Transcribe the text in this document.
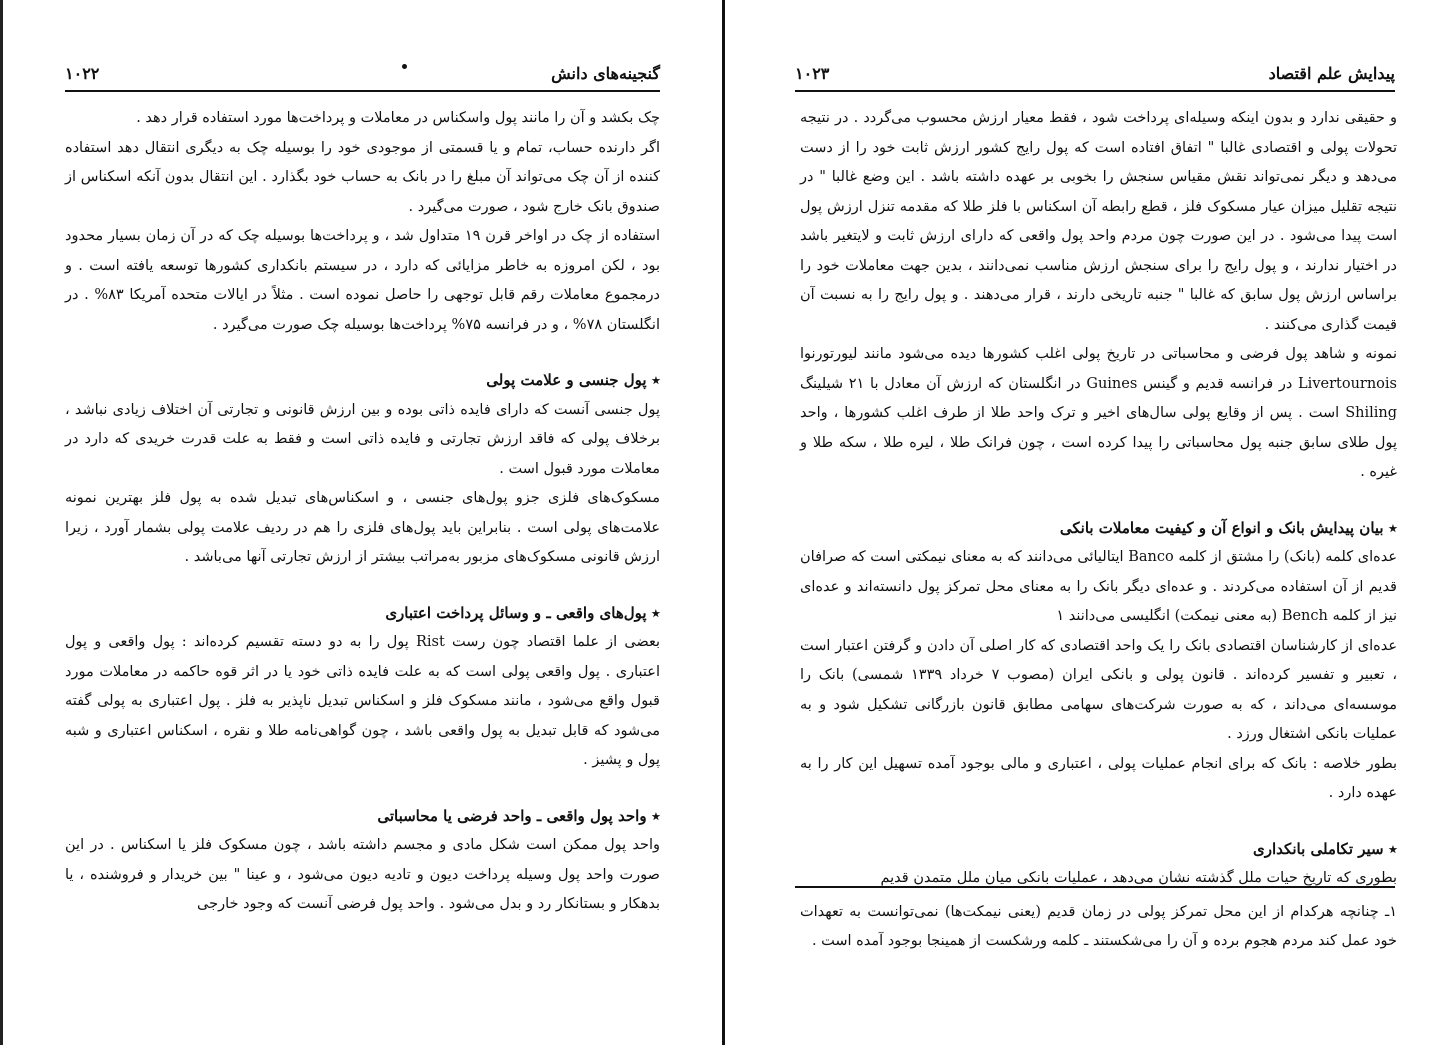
گنجینه‌های دانش
۱۰۲۲

چک بکشد و آن را مانند پول واسکناس در معاملات و پرداخت‌ها مورد استفاده قرار دهد .

اگر دارنده حساب، تمام و یا قسمتی از موجودی خود را بوسیله چک به دیگری انتقال دهد استفاده کننده از آن چک می‌تواند آن مبلغ را در بانک به حساب خود بگذارد . این انتقال بدون آنکه اسکناس از صندوق بانک خارج شود ، صورت می‌گیرد .

استفاده از چک در اواخر قرن ۱۹ متداول شد ، و پرداخت‌ها بوسیله چک که در آن زمان بسیار محدود بود ، لکن امروزه به خاطر مزایائی که دارد ، در سیستم بانکداری کشورها توسعه یافته است . و درمجموع معاملات رقم قابل توجهی را حاصل نموده است . مثلاً در ایالات متحده آمریکا ۸۳% . در انگلستان ۷۸% ، و در فرانسه ۷۵% پرداخت‌ها بوسیله چک صورت می‌گیرد .

٭ پول جنسی و علامت پولی

پول جنسی آنست که دارای فایده ذاتی بوده و بین ارزش قانونی و تجارتی آن اختلاف زیادی نباشد ، برخلاف پولی که فاقد ارزش تجارتی و فایده ذاتی است و فقط به علت قدرت خریدی که دارد در معاملات مورد قبول است .

مسکوک‌های فلزی جزو پول‌های جنسی ، و اسکناس‌های تبدیل شده به پول فلز بهترین نمونه علامت‌های پولی است . بنابراین باید پول‌های فلزی را هم در ردیف علامت پولی بشمار آورد ، زیرا ارزش قانونی مسکوک‌های مزبور به‌مراتب بیشتر از ارزش تجارتی آنها می‌باشد .

٭ پول‌های واقعی ـ و وسائل پرداخت اعتباری

بعضی از علما اقتصاد چون رست Rist پول را به دو دسته تقسیم کرده‌اند : پول واقعی و پول اعتباری . پول واقعی پولی است که به علت فایده ذاتی خود یا در اثر قوه حاکمه در معاملات مورد قبول واقع می‌شود ، مانند مسکوک فلز و اسکناس تبدیل ناپذیر به فلز . پول اعتباری به پولی گفته می‌شود که قابل تبدیل به پول واقعی باشد ، چون گواهی‌نامه طلا و نقره ، اسکناس اعتباری و شبه پول و پشیز .

٭ واحد پول واقعی ـ واحد فرضی یا محاسباتی

واحد پول ممکن است شکل مادی و مجسم داشته باشد ، چون مسکوک فلز یا اسکناس . در این صورت واحد پول وسیله پرداخت دیون و تادیه دیون می‌شود ، و عینا " بین خریدار و فروشنده ، یا بدهکار و بستانکار رد و بدل می‌شود . واحد پول فرضی آنست که وجود خارجی

پیدایش علم اقتصاد
۱۰۲۳

و حقیقی ندارد و بدون اینکه وسیله‌ای پرداخت شود ، فقط معیار ارزش محسوب می‌گردد . در نتیجه تحولات پولی و اقتصادی غالبا " اتفاق افتاده است که پول رایج کشور ارزش ثابت خود را از دست می‌دهد و دیگر نمی‌تواند نقش مقیاس سنجش را بخوبی بر عهده داشته باشد . این وضع غالبا " در نتیجه تقلیل میزان عیار مسکوک فلز ، قطع رابطه آن اسکناس با فلز طلا که مقدمه تنزل ارزش پول است پیدا می‌شود . در این صورت چون مردم واحد پول واقعی که دارای ارزش ثابت و لایتغیر باشد در اختیار ندارند ، و پول رایج را برای سنجش ارزش مناسب نمی‌دانند ، بدین جهت معاملات خود را براساس ارزش پول سابق که غالبا " جنبه تاریخی دارند ، قرار می‌دهند . و پول رایج را به نسبت آن قیمت گذاری می‌کنند .

نمونه و شاهد پول فرضی و محاسباتی در تاریخ پولی اغلب کشورها دیده می‌شود مانند لیورتورنوا Livertournois در فرانسه قدیم و گینس Guines در انگلستان که ارزش آن معادل با ۲۱ شیلینگ Shiling است . پس از وقایع پولی سال‌های اخیر و ترک واحد طلا از طرف اغلب کشورها ، واحد پول طلای سابق جنبه پول محاسباتی را پیدا کرده است ، چون فرانک طلا ، لیره طلا ، سکه طلا و غیره .

٭ بیان پیدایش بانک و انواع آن و کیفیت معاملات بانکی

عده‌ای کلمه (بانک) را مشتق از کلمه Banco ایتالیائی می‌دانند که به معنای نیمکتی است که صرافان قدیم از آن استفاده می‌کردند . و عده‌ای دیگر بانک را به معنای محل تمرکز پول دانسته‌اند و عده‌ای نیز از کلمه Bench (به معنی نیمکت) انگلیسی می‌دانند ۱

عده‌ای از کارشناسان اقتصادی بانک را یک واحد اقتصادی که کار اصلی آن دادن و گرفتن اعتبار است ، تعبیر و تفسیر کرده‌اند . قانون پولی و بانکی ایران (مصوب ۷ خرداد ۱۳۳۹ شمسی) بانک را موسسه‌ای می‌داند ، که به صورت شرکت‌های سهامی مطابق قانون بازرگانی تشکیل شود و به عملیات بانکی اشتغال ورزد .

بطور خلاصه : بانک که برای انجام عملیات پولی ، اعتباری و مالی بوجود آمده تسهیل این کار را به عهده دارد .

٭ سیر تکاملی بانکداری

بطوری که تاریخ حیات ملل گذشته نشان می‌دهد ، عملیات بانکی میان ملل متمدن قدیم

۱ـ چنانچه هرکدام از این محل تمرکز پولی در زمان قدیم (یعنی نیمکت‌ها) نمی‌توانست به تعهدات خود عمل کند مردم هجوم برده و آن را می‌شکستند ـ کلمه ورشکست از همینجا بوجود آمده است .
